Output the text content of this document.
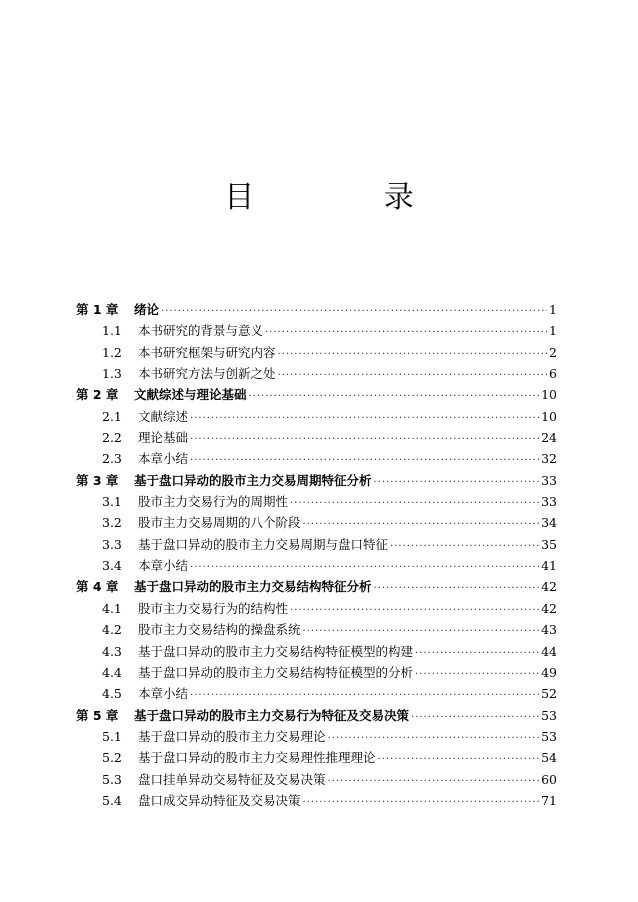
目 录
第 1 章	绪论 ·····	1
1.1	本书研究的背景与意义 ·····	1
1.2	本书研究框架与研究内容 ·····	2
1.3	本书研究方法与创新之处 ·····	6
第 2 章	文献综述与理论基础 ·····	10
2.1	文献综述 ·····	10
2.2	理论基础 ·····	24
2.3	本章小结 ·····	32
第 3 章	基于盘口异动的股市主力交易周期特征分析 ·····	33
3.1	股市主力交易行为的周期性 ·····	33
3.2	股市主力交易周期的八个阶段 ·····	34
3.3	基于盘口异动的股市主力交易周期与盘口特征 ·····	35
3.4	本章小结 ·····	41
第 4 章	基于盘口异动的股市主力交易结构特征分析 ·····	42
4.1	股市主力交易行为的结构性 ·····	42
4.2	股市主力交易结构的操盘系统 ·····	43
4.3	基于盘口异动的股市主力交易结构特征模型的构建 ·····	44
4.4	基于盘口异动的股市主力交易结构特征模型的分析 ·····	49
4.5	本章小结 ·····	52
第 5 章	基于盘口异动的股市主力交易行为特征及交易决策 ·····	53
5.1	基于盘口异动的股市主力交易理论 ·····	53
5.2	基于盘口异动的股市主力交易理性推理理论 ·····	54
5.3	盘口挂单异动交易特征及交易决策 ·····	60
5.4	盘口成交异动特征及交易决策 ·····	71
